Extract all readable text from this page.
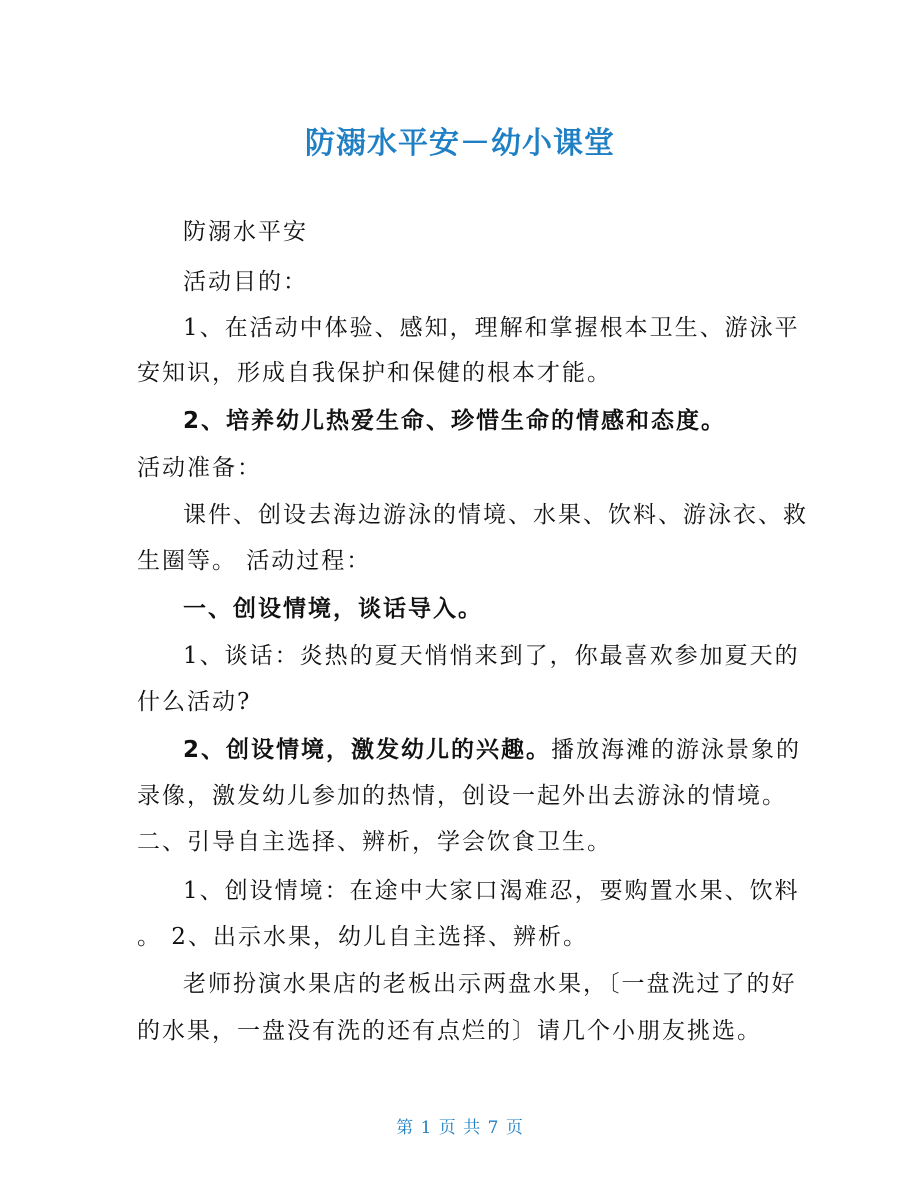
防溺水平安－幼小课堂
防溺水平安
活动目的：
1、在活动中体验、感知，理解和掌握根本卫生、游泳平
安知识，形成自我保护和保健的根本才能。
2、培养幼儿热爱生命、珍惜生命的情感和态度。
活动准备：
课件、创设去海边游泳的情境、水果、饮料、游泳衣、救
生圈等。 活动过程：
一、创设情境，谈话导入。
1、谈话：炎热的夏天悄悄来到了，你最喜欢参加夏天的
什么活动?
2、创设情境，激发幼儿的兴趣。播放海滩的游泳景象的
录像，激发幼儿参加的热情，创设一起外出去游泳的情境。
二、引导自主选择、辨析，学会饮食卫生。
1、创设情境：在途中大家口渴难忍，要购置水果、饮料
。 2、出示水果，幼儿自主选择、辨析。
老师扮演水果店的老板出示两盘水果，〔一盘洗过了的好
的水果，一盘没有洗的还有点烂的〕请几个小朋友挑选。
第 1 页 共 7 页
